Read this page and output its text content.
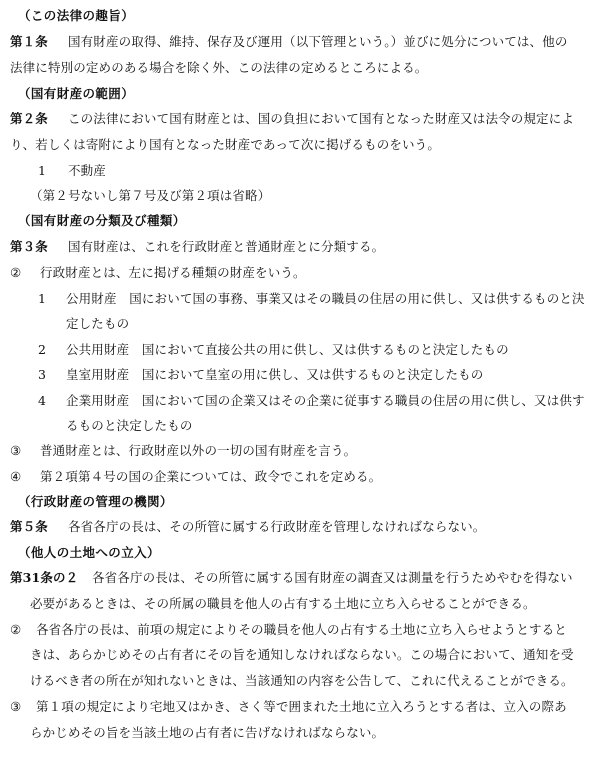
（この法律の趣旨）
第１条 国有財産の取得、維持、保存及び運用（以下管理という。）並びに処分については、他の
法律に特別の定めのある場合を除く外、この法律の定めるところによる。
（国有財産の範囲）
第２条 この法律において国有財産とは、国の負担において国有となった財産又は法令の規定によ
り、若しくは寄附により国有となった財産であって次に掲げるものをいう。
1 不動産
（第２号ないし第７号及び第２項は省略）
（国有財産の分類及び種類）
第３条 国有財産は、これを行政財産と普通財産とに分類する。
② 行政財産とは、左に掲げる種類の財産をいう。
1 公用財産　国において国の事務、事業又はその職員の住居の用に供し、又は供するものと決
定したもの
2 公共用財産　国において直接公共の用に供し、又は供するものと決定したもの
3 皇室用財産　国において皇室の用に供し、又は供するものと決定したもの
4 企業用財産　国において国の企業又はその企業に従事する職員の住居の用に供し、又は供す
るものと決定したもの
③ 普通財産とは、行政財産以外の一切の国有財産を言う。
④ 第２項第４号の国の企業については、政令でこれを定める。
（行政財産の管理の機関）
第５条 各省各庁の長は、その所管に属する行政財産を管理しなければならない。
（他人の土地への立入）
第31条の２ 各省各庁の長は、その所管に属する国有財産の調査又は測量を行うためやむを得ない
必要があるときは、その所属の職員を他人の占有する土地に立ち入らせることができる。
② 各省各庁の長は、前項の規定によりその職員を他人の占有する土地に立ち入らせようとすると
きは、あらかじめその占有者にその旨を通知しなければならない。この場合において、通知を受
けるべき者の所在が知れないときは、当該通知の内容を公告して、これに代えることができる。
③ 第１項の規定により宅地又はかき、さく等で囲まれた土地に立入ろうとする者は、立入の際あ
らかじめその旨を当該土地の占有者に告げなければならない。
